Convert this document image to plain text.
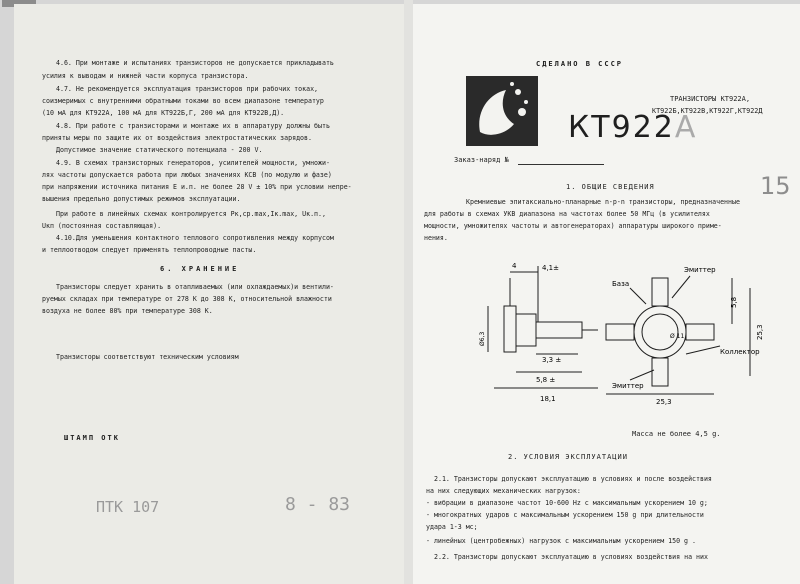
4.6. При монтаже и испытаниях транзисторов не допускается прикладывать
усилия к выводам и нижней части корпуса транзистора.
4.7. Не рекомендуется эксплуатация транзисторов при рабочих токах,
соизмеримых с внутренними обратными токами во всем диапазоне температур
(10 мА для КТ922А, 100 мА для КТ922Б,Г, 200 мА для КТ922В,Д).
4.8. При работе с транзисторами и монтаже их в аппаратуру должны быть
приняты меры по защите их от воздействия электростатических зарядов.
Допустимое значение статического потенциала - 200 V.
4.9. В схемах транзисторных генераторов, усилителей мощности, умножи-
лях частоты допускается работа при любых значениях КСВ (по модулю и фазе)
при напряжении источника питания Е и.п. не более 28 V ± 10% при условии непре-
вышения предельно допустимых режимов эксплуатации.
При работе в линейных схемах контролируется Pк,ср.max,Iк.max, Uк.п.,
Uкп (постоянная составляющая).
4.10.Для уменьшения контактного теплового сопротивления между корпусом
и теплоотводом следует применять теплопроводные пасты.
6. ХРАНЕНИЕ
Транзисторы следует хранить в отапливаемых (или охлаждаемых)и вентили-
руемых складах при температуре от 278 К до 308 К, относительной влажности
воздуха не более 80% при температуре 308 К.
Транзисторы соответствуют техническим условиям
ШТАМП ОТК
ПТК 107	8 - 83
СДЕЛАНО В СССР
ТРАНЗИСТОРЫ КТ922А,
КТ922Б,КТ922В,КТ922Г,КТ922Д
КТ922А
15
Заказ-наряд №
1. ОБЩИЕ СВЕДЕНИЯ
Кремниевые эпитаксиально-планарные n-p-n транзисторы, предназначенные
для работы в схемах УКВ диапазона на частотах более 50 МГц (в усилителях
мощности, умножителях частоты и автогенераторах) аппаратуры широкого приме-
нения.
4	4,1±
Ø6,3
3,3 ±
5,8 ±
18,1
База
Эмиттер
Коллектор
Эмиттер
5,8
25,3
25,3
Ø 11
Масса не более 4,5 g.
2. УСЛОВИЯ ЭКСПЛУАТАЦИИ
2.1. Транзисторы допускают эксплуатацию в условиях и после воздействия
на них следующих механических нагрузок:
- вибрации в диапазоне частот 10-600 Hz с максимальным ускорением 10 g;
- многократных ударов с максимальным ускорением 150 g при длительности
удара 1-3 мс;
- линейных (центробежных) нагрузок с максимальным ускорением 150 g .
2.2. Транзисторы допускают эксплуатацию в условиях воздействия на них
